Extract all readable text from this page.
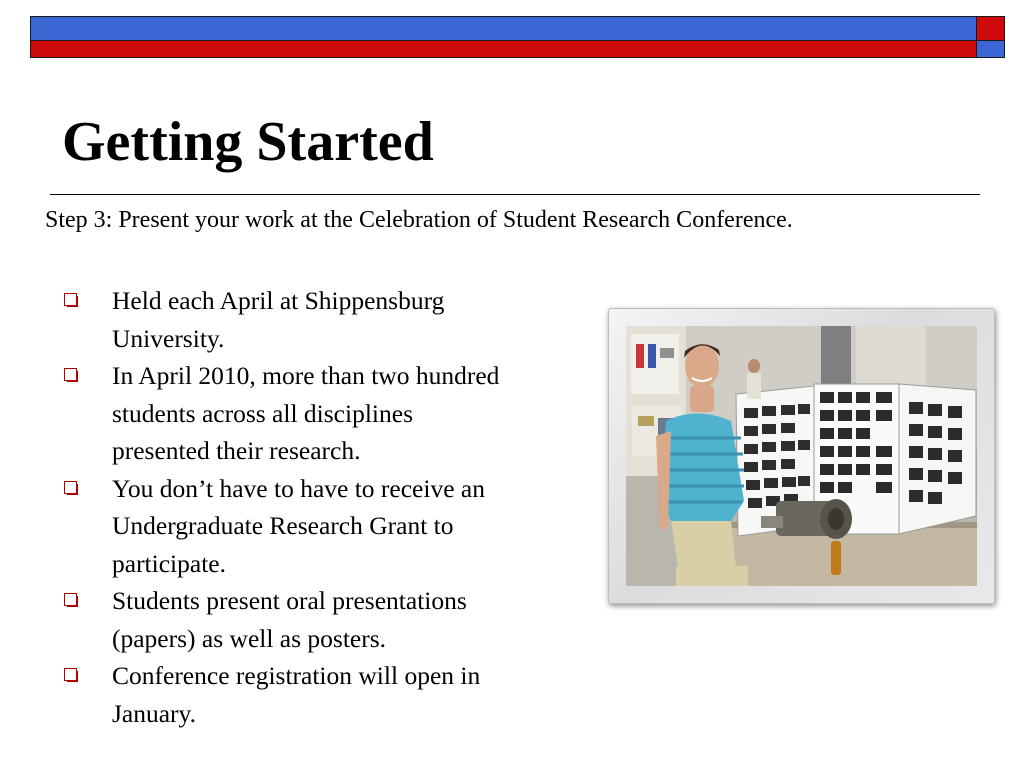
Getting Started

Step 3: Present your work at the Celebration of Student Research Conference.

Held each April at Shippensburg
University.
In April 2010, more than two hundred
students across all disciplines
presented their research.
You don’t have to have to receive an
Undergraduate Research Grant to
participate.
Students present oral presentations
(papers) as well as posters.
Conference registration will open in
January.
